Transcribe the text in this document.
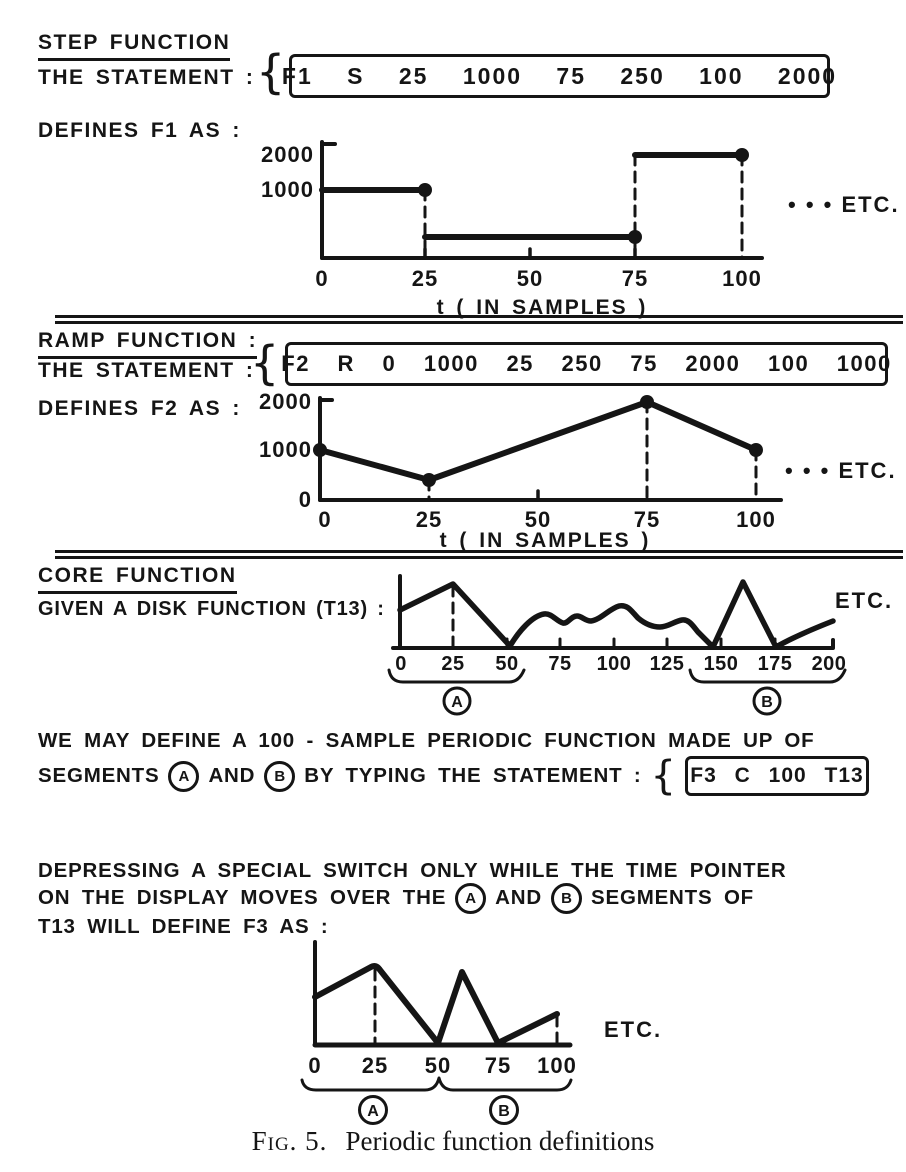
STEP FUNCTION
THE STATEMENT : {
F1 S 25 1000 75 250 100 2000
DEFINES F1 AS :
2000
1000
0	25	50	75	100
• • • ETC.
t ( IN SAMPLES )
RAMP FUNCTION :
THE STATEMENT :
{ F2 R 0 1000 25 250 75 2000 100 1000
DEFINES F2 AS : 2000
1000
0
0	25	50	75	100
• • • ETC.
t ( IN SAMPLES )
CORE FUNCTION
GIVEN A DISK FUNCTION (T13) :
0 25 50 75 100 125 150 175 200
A	B
ETC.
WE MAY DEFINE A 100 - SAMPLE PERIODIC FUNCTION MADE UP OF
SEGMENTS	A AND	B BY TYPING THE STATEMENT : { F3 C 100 T13
DEPRESSING A SPECIAL SWITCH ONLY WHILE THE TIME POINTER
ON THE DISPLAY MOVES OVER THE	A AND	B SEGMENTS OF
T13 WILL DEFINE F3 AS :
0 25 50 75 100
A	B
ETC.
Fig. 5. Periodic function definitions
